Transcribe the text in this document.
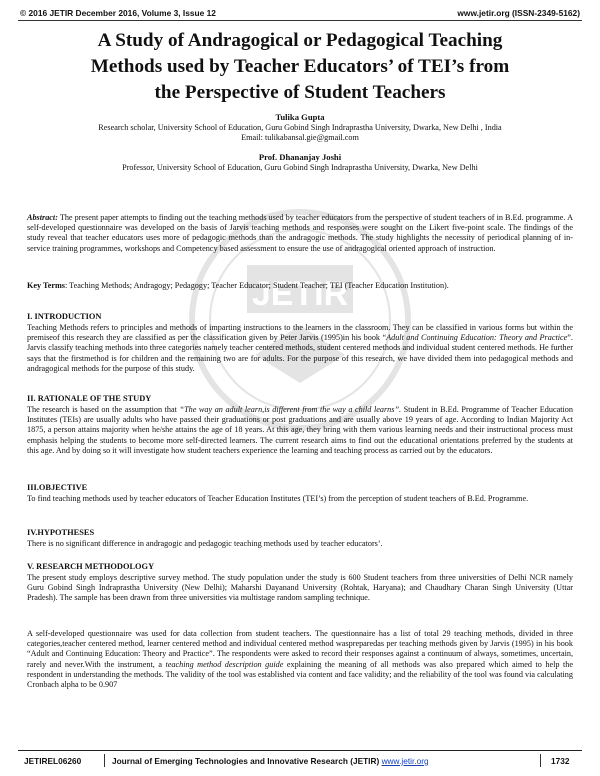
© 2016 JETIR December 2016, Volume 3, Issue 12	www.jetir.org (ISSN-2349-5162)
A Study of Andragogical or Pedagogical Teaching
Methods used by Teacher Educators’ of TEI’s from
the Perspective of Student Teachers
Tulika Gupta
Research scholar, University School of Education, Guru Gobind Singh Indraprastha University, Dwarka, New Delhi , India
Email: tulikabansal.gie@gmail.com
Prof. Dhananjay Joshi
Professor, University School of Education, Guru Gobind Singh Indraprastha University, Dwarka, New Delhi
JETIR

Abstract: The present paper attempts to finding out the teaching methods used by teacher educators from the perspective of student teachers of in B.Ed. programme. A self-developed questionnaire was developed on the basis of Jarvis teaching methods and responses were sought on the Likert five-point scale. The findings of the study reveal that teacher educators uses more of pedagogic methods than the andragogic methods. The study highlights the necessity of periodical planning of in-service training programmes, workshops and Competency based assessment to ensure the use of andragogical oriented approach of instruction.

Key Terms: Teaching Methods; Andragogy; Pedagogy; Teacher Educator; Student Teacher; TEI (Teacher Education Institution).

I. INTRODUCTION

Teaching Methods refers to principles and methods of imparting instructions to the learners in the classroom. They can be classified in various forms but within the premiseof this research they are classified as per the classification given by Peter Jarvis (1995)in his book “Adult and Continuing Education: Theory and Practice”. Jarvis classify teaching methods into three categories namely teacher centered methods, student centered methods and individual student centered methods. He further says that the firstmethod is for children and the remaining two are for adults. For the purpose of this research, we have divided them into pedagogical methods and andragogical methods for the purpose of this study.

II. RATIONALE OF THE STUDY

The research is based on the assumption that “The way an adult learn,is different from the way a child learns”. Student in B.Ed. Programme of Teacher Education Institutes (TEIs) are usually adults who have passed their graduations or post graduations and are usually above 19 years of age. According to Indian Majority Act 1875, a person attains majority when he/she attains the age of 18 years. At this age, they bring with them various learning needs and their instructional process must emphasis helping the students to become more self-directed learners. The current research aims to find out the educational orientations preferred by the students at this age. And by doing so it will investigate how student teachers experience the learning and teaching process as carried out by the educators.

III.OBJECTIVE

To find teaching methods used by teacher educators of Teacher Education Institutes (TEI’s) from the perception of student teachers of B.Ed. Programme.

IV.HYPOTHESES

There is no significant difference in andragogic and pedagogic teaching methods used by teacher educators’.

V. RESEARCH METHODOLOGY

The present study employs descriptive survey method. The study population under the study is 600 Student teachers from three universities of Delhi NCR namely Guru Gobind Singh Indraprastha University (New Delhi); Maharshi Dayanand University (Rohtak, Haryana); and Chaudhary Charan Singh University (Uttar Pradesh). The sample has been drawn from three universities via multistage random sampling technique.

A self-developed questionnaire was used for data collection from student teachers. The questionnaire has a list of total 29 teaching methods, divided in three categories,teacher centered method, learner centered method and individual centered method waspreparedas per teaching methods given by Jarvis (1995) in his book “Adult and Continuing Education: Theory and Practice”. The respondents were asked to record their responses against a continuum of always, sometimes, uncertain, rarely and never.With the instrument, a teaching method description guide explaining the meaning of all methods was also prepared which aimed to help the respondent in understanding the methods. The validity of the tool was established via content and face validity; and the reliability of the tool was found via calculating Cronbach alpha to be 0.907

JETIREL06260	Journal of Emerging Technologies and Innovative Research (JETIR) www.jetir.org	1732
